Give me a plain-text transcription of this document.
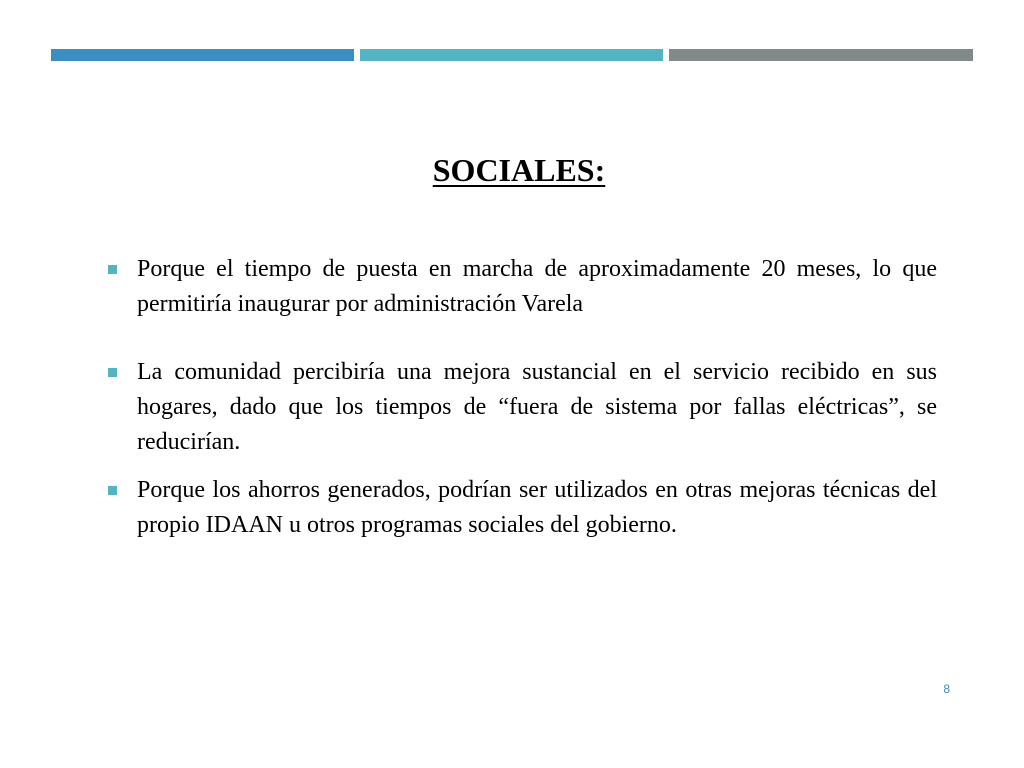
SOCIALES:
Porque el tiempo de puesta en marcha de aproximadamente 20 meses, lo que permitiría inaugurar por administración Varela
La comunidad percibiría una mejora sustancial en el servicio recibido en sus hogares, dado que los tiempos de “fuera de sistema por fallas eléctricas”, se reducirían.
Porque los ahorros generados, podrían ser utilizados en otras mejoras técnicas del propio IDAAN u otros programas sociales del gobierno.
8
